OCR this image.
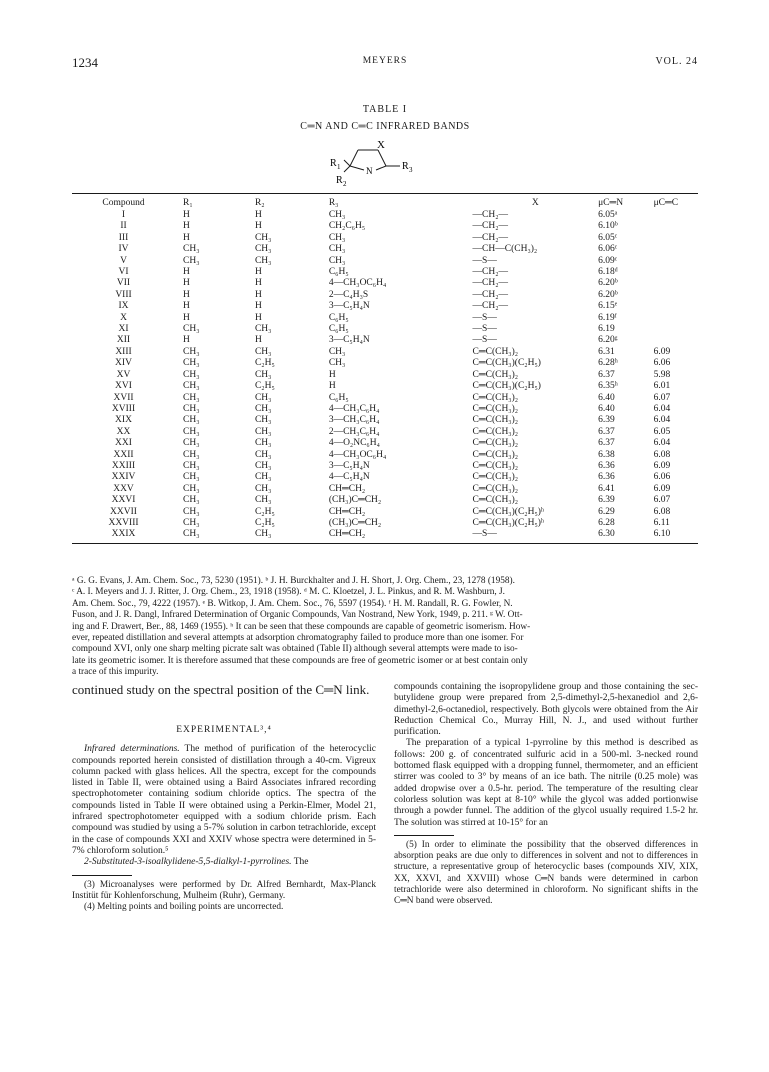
1234	MEYERS	VOL. 24
TABLE I
C═N AND C═C INFRARED BANDS
X
R 1
R 2
N	R 3
Compound	R₁	R₂	R₃	X	μC═N	μC═C
I	H	H	CH₃	—CH₂—	6.05ᵃ	
II	H	H	CH₂C₆H₅	—CH₂—	6.10ᵇ	
III	H	CH₃	CH₃	—CH₂—	6.05ᶜ	
IV	CH₃	CH₃	CH₃	—CH—C(CH₃)₂	6.06ᶜ	
V	CH₃	CH₃	CH₃	—S—	6.09ᶜ	
VI	H	H	C₆H₅	—CH₂—	6.18ᵈ	
VII	H	H	4—CH₃OC₆H₄	—CH₂—	6.20ᵇ	
VIII	H	H	2—C₄H₃S	—CH₂—	6.20ᵇ	
IX	H	H	3—C₅H₄N	—CH₂—	6.15ᵉ	
X	H	H	C₆H₅	—S—	6.19ᶠ	
XI	CH₃	CH₃	C₆H₅	—S—	6.19	
XII	H	H	3—C₅H₄N	—S—	6.20ᵍ	
XIII	CH₃	CH₃	CH₃	C═C(CH₃)₂	6.31	6.09
XIV	CH₃	C₂H₅	CH₃	C═C(CH₃)(C₂H₅)	6.28ʰ	6.06
XV	CH₃	CH₃	H	C═C(CH₃)₂	6.37	5.98
XVI	CH₃	C₂H₅	H	C═C(CH₃)(C₂H₅)	6.35ʰ	6.01
XVII	CH₃	CH₃	C₆H₅	C═C(CH₃)₂	6.40	6.07
XVIII	CH₃	CH₃	4—CH₃C₆H₄	C═C(CH₃)₂	6.40	6.04
XIX	CH₃	CH₃	3—CH₃C₆H₄	C═C(CH₃)₂	6.39	6.04
XX	CH₃	CH₃	2—CH₃C₆H₄	C═C(CH₃)₂	6.37	6.05
XXI	CH₃	CH₃	4—O₂NC₆H₄	C═C(CH₃)₂	6.37	6.04
XXII	CH₃	CH₃	4—CH₃OC₆H₄	C═C(CH₃)₂	6.38	6.08
XXIII	CH₃	CH₃	3—C₅H₄N	C═C(CH₃)₂	6.36	6.09
XXIV	CH₃	CH₃	4—C₅H₄N	C═C(CH₃)₂	6.36	6.06
XXV	CH₃	CH₃	CH═CH₂	C═C(CH₃)₂	6.41	6.09
XXVI	CH₃	CH₃	(CH₃)C═CH₂	C═C(CH₃)₂	6.39	6.07
XXVII	CH₃	C₂H₅	CH═CH₂	C═C(CH₃)(C₂H₅)ʰ	6.29	6.08
XXVIII	CH₃	C₂H₅	(CH₃)C═CH₂	C═C(CH₃)(C₂H₅)ʰ	6.28	6.11
XXIX	CH₃	CH₃	CH═CH₂	—S—	6.30	6.10
ᵃ G. G. Evans, J. Am. Chem. Soc., 73, 5230 (1951). ᵇ J. H. Burckhalter and J. H. Short, J. Org. Chem., 23, 1278 (1958).
ᶜ A. I. Meyers and J. J. Ritter, J. Org. Chem., 23, 1918 (1958). ᵈ M. C. Kloetzel, J. L. Pinkus, and R. M. Washburn, J.
Am. Chem. Soc., 79, 4222 (1957). ᵉ B. Witkop, J. Am. Chem. Soc., 76, 5597 (1954). ᶠ H. M. Randall, R. G. Fowler, N.
Fuson, and J. R. Dangl, Infrared Determination of Organic Compounds, Van Nostrand, New York, 1949, p. 211. ᵍ W. Ott-
ing and F. Drawert, Ber., 88, 1469 (1955). ʰ It can be seen that these compounds are capable of geometric isomerism. How-
ever, repeated distillation and several attempts at adsorption chromatography failed to produce more than one isomer. For
compound XVI, only one sharp melting picrate salt was obtained (Table II) although several attempts were made to iso-
late its geometric isomer. It is therefore assumed that these compounds are free of geometric isomer or at best contain only
a trace of this impurity.

continued study on the spectral position of the C═N link.

EXPERIMENTAL³,⁴

Infrared determinations. The method of purification of the heterocyclic compounds reported herein consisted of distillation through a 40-cm. Vigreux column packed with glass helices. All the spectra, except for the compounds listed in Table II, were obtained using a Baird Associates infrared recording spectrophotometer containing sodium chloride optics. The spectra of the compounds listed in Table II were obtained using a Perkin-Elmer, Model 21, infrared spectrophotometer equipped with a sodium chloride prism. Each compound was studied by using a 5-7% solution in carbon tetrachloride, except in the case of compounds XXI and XXIV whose spectra were determined in 5-7% chloroform solution.⁵

2-Substituted-3-isoalkylidene-5,5-dialkyl-1-pyrrolines. The

(3) Microanalyses were performed by Dr. Alfred Bernhardt, Max-Planck Institüt für Kohlenforschung, Mulheim (Ruhr), Germany.

(4) Melting points and boiling points are uncorrected.

compounds containing the isopropylidene group and those containing the sec-butylidene group were prepared from 2,5-dimethyl-2,5-hexanediol and 2,6-dimethyl-2,6-octanediol, respectively. Both glycols were obtained from the Air Reduction Chemical Co., Murray Hill, N. J., and used without further purification.

The preparation of a typical 1-pyrroline by this method is described as follows: 200 g. of concentrated sulfuric acid in a 500-ml. 3-necked round bottomed flask equipped with a dropping funnel, thermometer, and an efficient stirrer was cooled to 3° by means of an ice bath. The nitrile (0.25 mole) was added dropwise over a 0.5-hr. period. The temperature of the resulting clear colorless solution was kept at 8-10° while the glycol was added portionwise through a powder funnel. The addition of the glycol usually required 1.5-2 hr. The solution was stirred at 10-15° for an

(5) In order to eliminate the possibility that the observed differences in absorption peaks are due only to differences in solvent and not to differences in structure, a representative group of heterocyclic bases (compounds XIV, XIX, XX, XXVI, and XXVIII) whose C═N bands were determined in carbon tetrachloride were also determined in chloroform. No significant shifts in the C═N band were observed.
